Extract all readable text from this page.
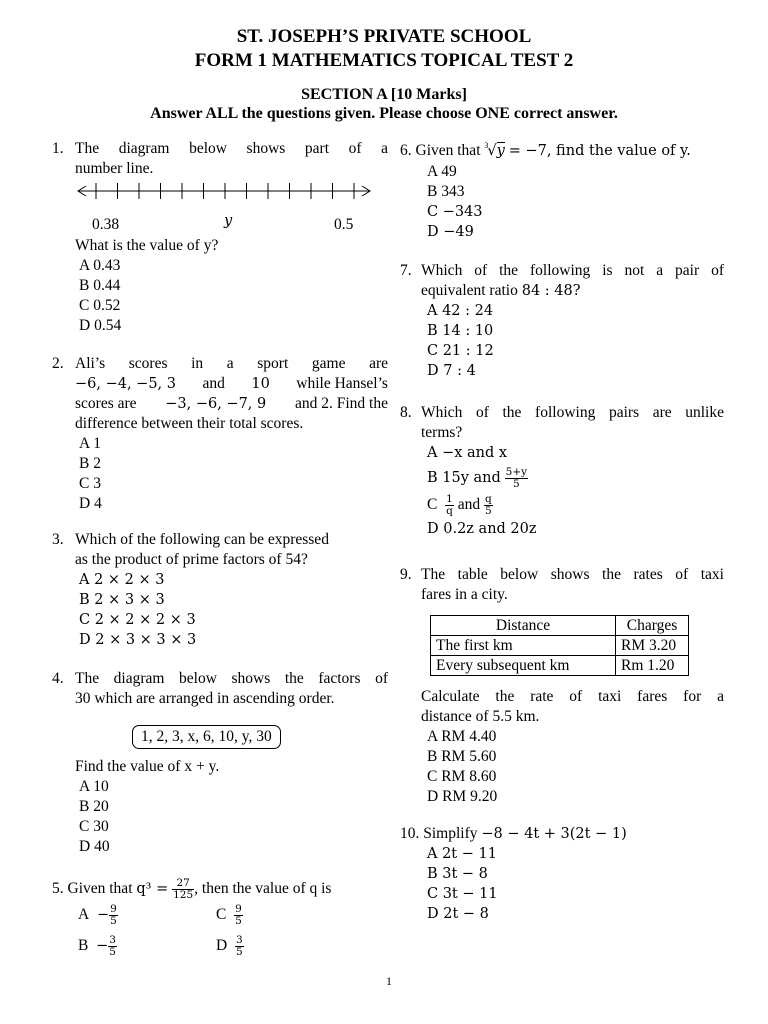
ST. JOSEPH’S PRIVATE SCHOOL
FORM 1 MATHEMATICS TOPICAL TEST 2
SECTION A [10 Marks]
Answer ALL the questions given. Please choose ONE correct answer.
1. The diagram below shows part of a
number line.
0.38	y	0.5
What is the value of y?
A 0.43
B 0.44
C 0.52
D 0.54
2. Ali’s scores in a sport game are
−6, −4, −5, 3 and 10 while Hansel’s
scores are −3, −6, −7, 9 and 2. Find the
difference between their total scores.
A 1
B 2
C 3
D 4
3. Which of the following can be expressed
as the product of prime factors of 54?
A 2 × 2 × 3
B 2 × 3 × 3
C 2 × 2 × 2 × 3
D 2 × 3 × 3 × 3
4. The diagram below shows the factors of
30 which are arranged in ascending order.
1, 2, 3, x, 6, 10, y, 30
Find the value of x + y.
A 10
B 20
C 30
D 40
5. Given that $q^3 = \frac{27}{125}$ , then the value of q is
$A - \frac{9}{5}$	C $\frac{9}{5}$
$B - \frac{3}{5}$	D $\frac{3}{5}$
6. Given that 3 √y = −7, find the value of y.
A 49
B 343
C −343
D −49
7. Which of the following is not a pair of
equivalent ratio 84 : 48?
A 42 : 24
B 14 : 10
C 21 : 12
D 7 : 4
8. Which of the following pairs are unlike
terms?
A −x and x
B 15y and $\frac{5+y}{5}$
C $\frac{1}{q}$ and $\frac{q}{5}$
D 0.2z and 20z
9. The table below shows the rates of taxi
fares in a city.
Distance	Charges
The first km	RM 3.20
Every subsequent km	Rm 1.20
Calculate the rate of taxi fares for a
distance of 5.5 km.
A RM 4.40
B RM 5.60
C RM 8.60
D RM 9.20
10. Simplify −8 − 4t + 3(2t − 1)
A 2t − 11
B 3t − 8
C 3t − 11
D 2t − 8
1
